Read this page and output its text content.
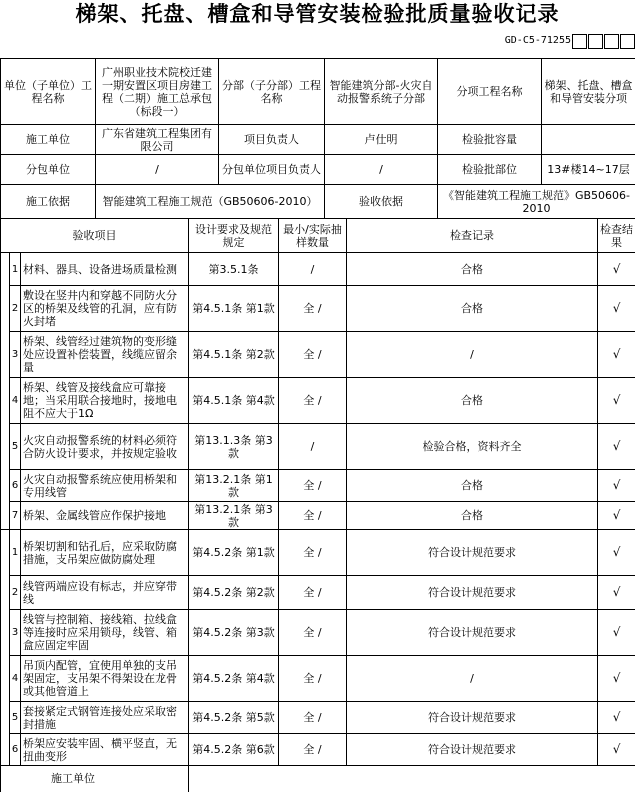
梯架、托盘、槽盒和导管安装检验批质量验收记录
GD-C5-71255
单位（子单位）工程名称	广州职业技术院校迁建一期安置区项目房建工程（二期）施工总承包（标段一）	分部（子分部）工程名称	智能建筑分部-火灾自动报警系统子分部	分项工程名称	梯架、托盘、槽盒和导管安装分项
施工单位	广东省建筑工程集团有限公司	项目负责人	卢仕明	检验批容量	
分包单位	/	分包单位项目负责人	/	检验批部位	13#楼14~17层
施工依据	智能建筑工程施工规范（GB50606-2010）		验收依据	《智能建筑工程施工规范》GB50606-2010	
验收项目			设计要求及规范规定	最小/实际抽样数量	检查记录	检查结果
	1	材料、器具、设备进场质量检测	第3.5.1条	/	合格	√
	2	敷设在竖井内和穿越不同防火分区的桥架及线管的孔洞，应有防火封堵	第4.5.1条 第1款	全 /	合格	√
	3	桥架、线管经过建筑物的变形缝处应设置补偿装置，线缆应留余量	第4.5.1条 第2款	全 /	/	√
	4	桥架、线管及接线盒应可靠接地；当采用联合接地时，接地电阻不应大于1Ω	第4.5.1条 第4款	全 /	合格	√
	5	火灾自动报警系统的材料必须符合防火设计要求，并按规定验收	第13.1.3条 第3款	/	检验合格，资料齐全	√
	6	火灾自动报警系统应使用桥架和专用线管	第13.2.1条 第1款	全 /	合格	√
	7	桥架、金属线管应作保护接地	第13.2.1条 第3款	全 /	合格	√
	1	桥架切割和钻孔后，应采取防腐措施，支吊架应做防腐处理	第4.5.2条 第1款	全 /	符合设计规范要求	√
	2	线管两端应设有标志，并应穿带线	第4.5.2条 第2款	全 /	符合设计规范要求	√
	3	线管与控制箱、接线箱、拉线盒等连接时应采用锁母，线管、箱盒应固定牢固	第4.5.2条 第3款	全 /	符合设计规范要求	√
	4	吊顶内配管，宜使用单独的支吊架固定，支吊架不得架设在龙骨或其他管道上	第4.5.2条 第4款	全 /	/	√
	5	套接紧定式钢管连接处应采取密封措施	第4.5.2条 第5款	全 /	符合设计规范要求	√
	6	桥架应安装牢固、横平竖直，无扭曲变形	第4.5.2条 第6款	全 /	符合设计规范要求	√
施工单位						
